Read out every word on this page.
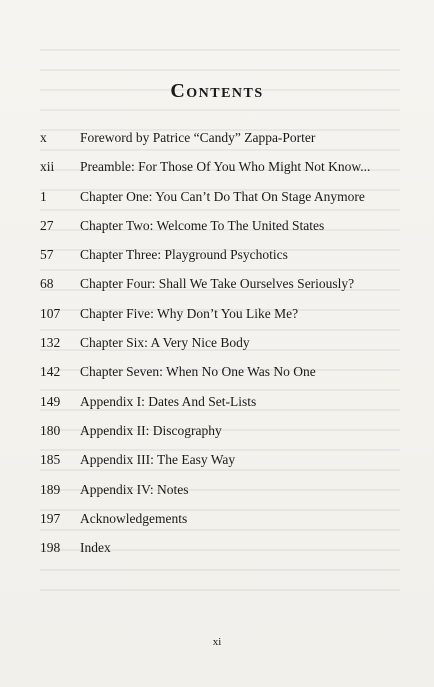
Contents
x	Foreword by Patrice “Candy” Zappa-Porter
xii	Preamble: For Those Of You Who Might Not Know...
1	Chapter One: You Can’t Do That On Stage Anymore
27	Chapter Two: Welcome To The United States
57	Chapter Three: Playground Psychotics
68	Chapter Four: Shall We Take Ourselves Seriously?
107	Chapter Five: Why Don’t You Like Me?
132	Chapter Six: A Very Nice Body
142	Chapter Seven: When No One Was No One
149	Appendix I: Dates And Set-Lists
180	Appendix II: Discography
185	Appendix III: The Easy Way
189	Appendix IV: Notes
197	Acknowledgements
198	Index
xi
